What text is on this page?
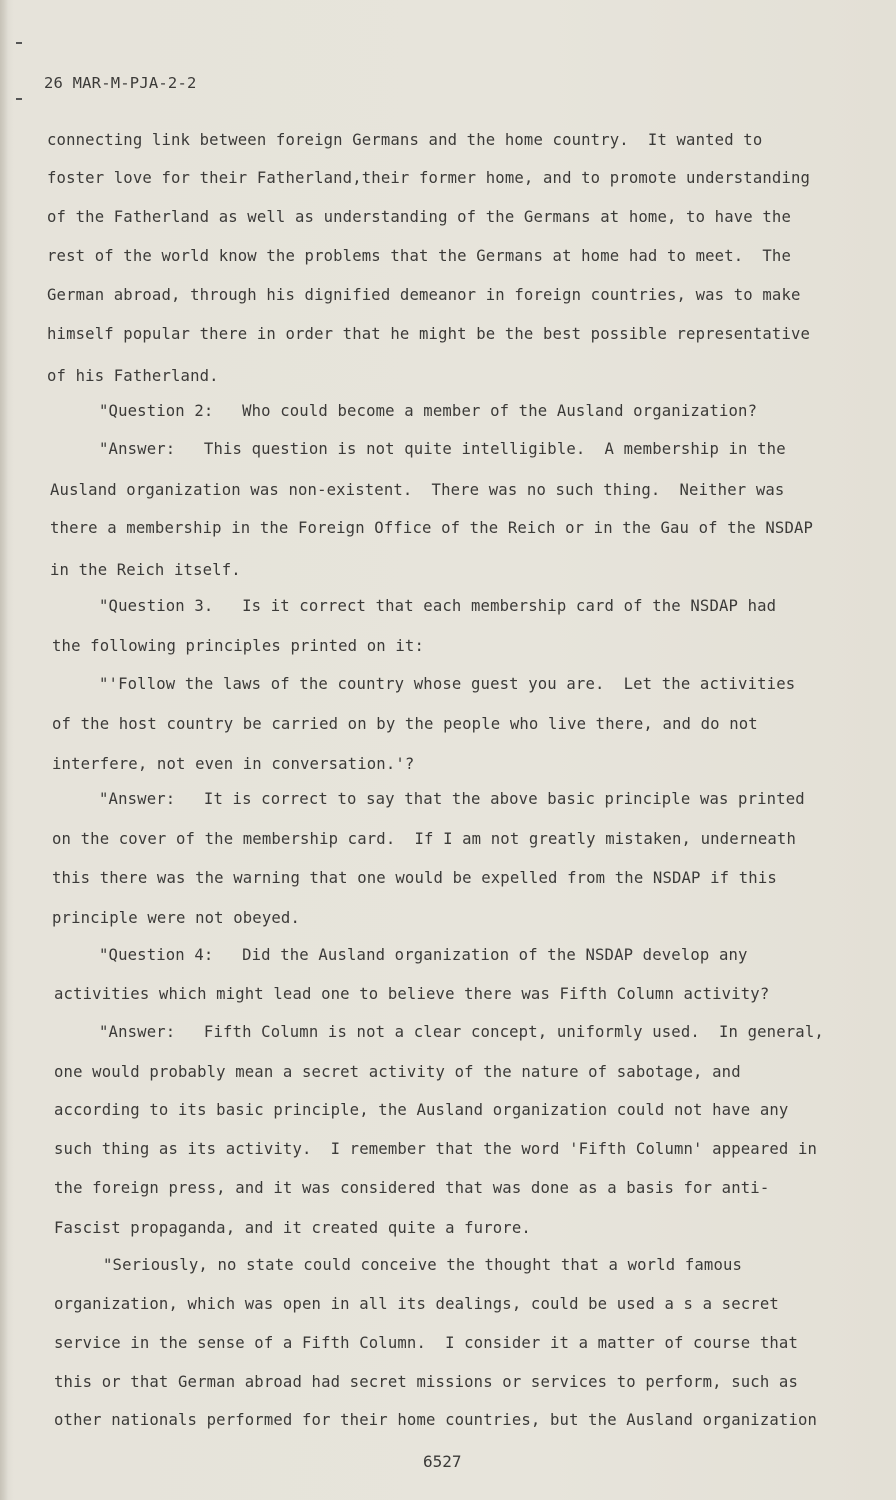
26 MAR-M-PJA-2-2
connecting link between foreign Germans and the home country.  It wanted to
foster love for their Fatherland,their former home, and to promote understanding
of the Fatherland as well as understanding of the Germans at home, to have the
rest of the world know the problems that the Germans at home had to meet.  The
German abroad, through his dignified demeanor in foreign countries, was to make
himself popular there in order that he might be the best possible representative
of his Fatherland.
"Question 2:   Who could become a member of the Ausland organization?
"Answer:   This question is not quite intelligible.  A membership in the
Ausland organization was non-existent.  There was no such thing.  Neither was
there a membership in the Foreign Office of the Reich or in the Gau of the NSDAP
in the Reich itself.
"Question 3.   Is it correct that each membership card of the NSDAP had
the following principles printed on it:
"'Follow the laws of the country whose guest you are.  Let the activities
of the host country be carried on by the people who live there, and do not
interfere, not even in conversation.'?
"Answer:   It is correct to say that the above basic principle was printed
on the cover of the membership card.  If I am not greatly mistaken, underneath
this there was the warning that one would be expelled from the NSDAP if this
principle were not obeyed.
"Question 4:   Did the Ausland organization of the NSDAP develop any
activities which might lead one to believe there was Fifth Column activity?
"Answer:   Fifth Column is not a clear concept, uniformly used.  In general,
one would probably mean a secret activity of the nature of sabotage, and
according to its basic principle, the Ausland organization could not have any
such thing as its activity.  I remember that the word 'Fifth Column' appeared in
the foreign press, and it was considered that was done as a basis for anti-
Fascist propaganda, and it created quite a furore.
"Seriously, no state could conceive the thought that a world famous
organization, which was open in all its dealings, could be used a s a secret
service in the sense of a Fifth Column.  I consider it a matter of course that
this or that German abroad had secret missions or services to perform, such as
other nationals performed for their home countries, but the Ausland organization
6527
